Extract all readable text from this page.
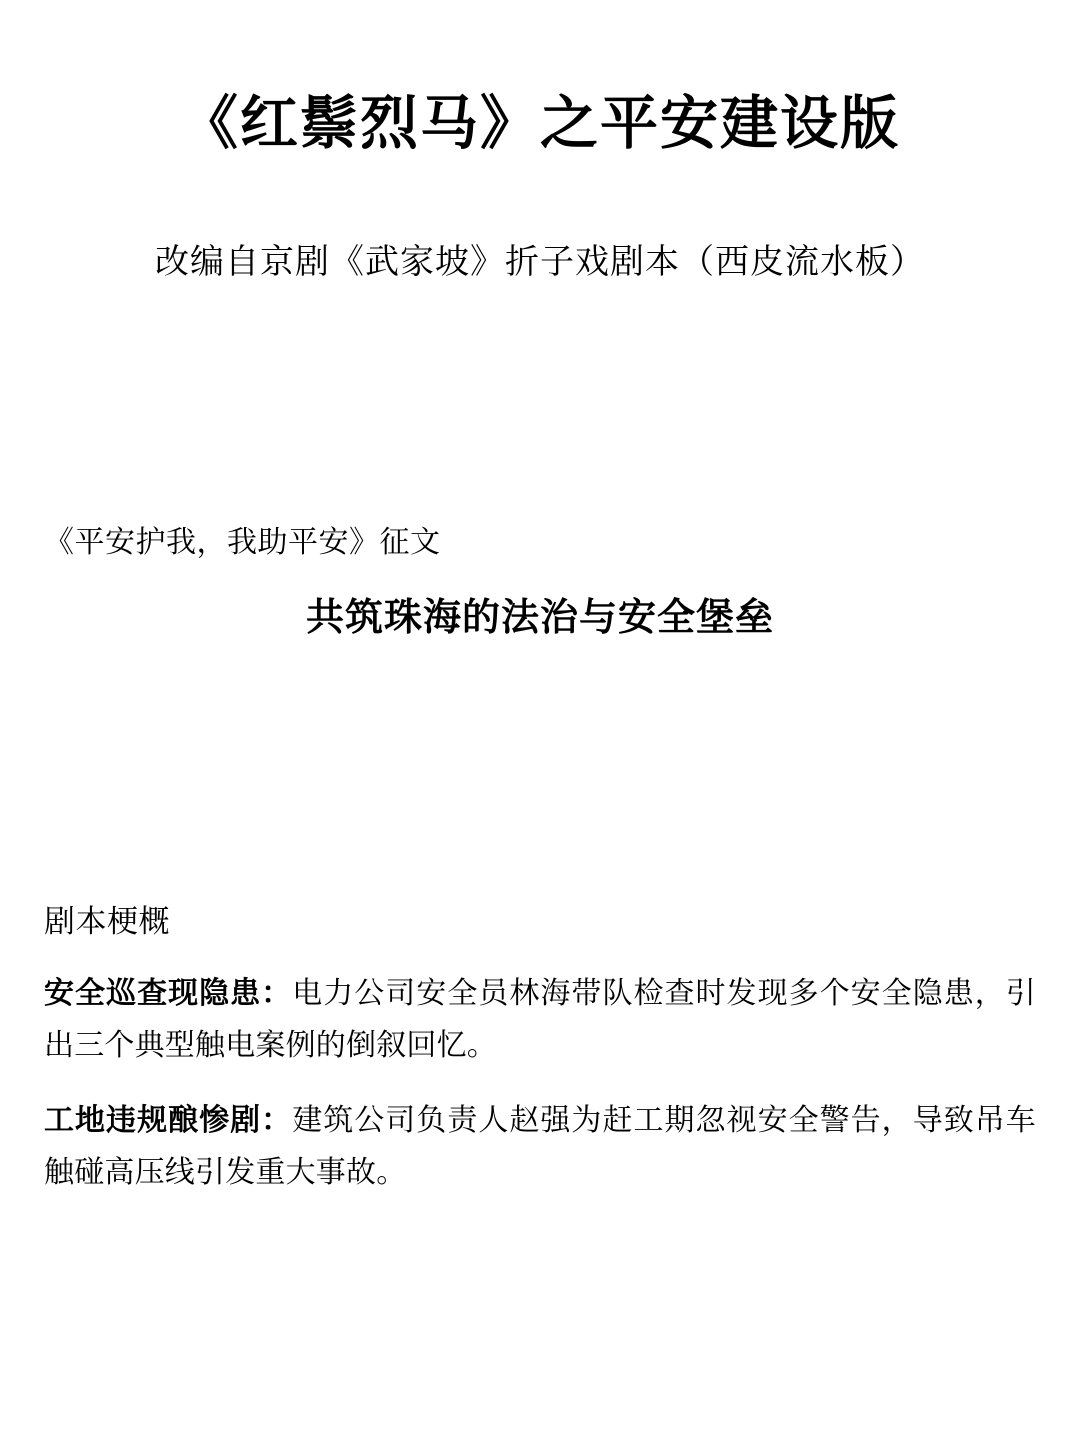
《红鬃烈马》之平安建设版

改编自京剧《武家坡》折子戏剧本（西皮流水板）

《平安护我，我助平安》征文

共筑珠海的法治与安全堡垒

剧本梗概

安全巡查现隐患：电力公司安全员林海带队检查时发现多个安全隐患，引出三个典型触电案例的倒叙回忆。

工地违规酿惨剧：建筑公司负责人赵强为赶工期忽视安全警告，导致吊车触碰高压线引发重大事故。
